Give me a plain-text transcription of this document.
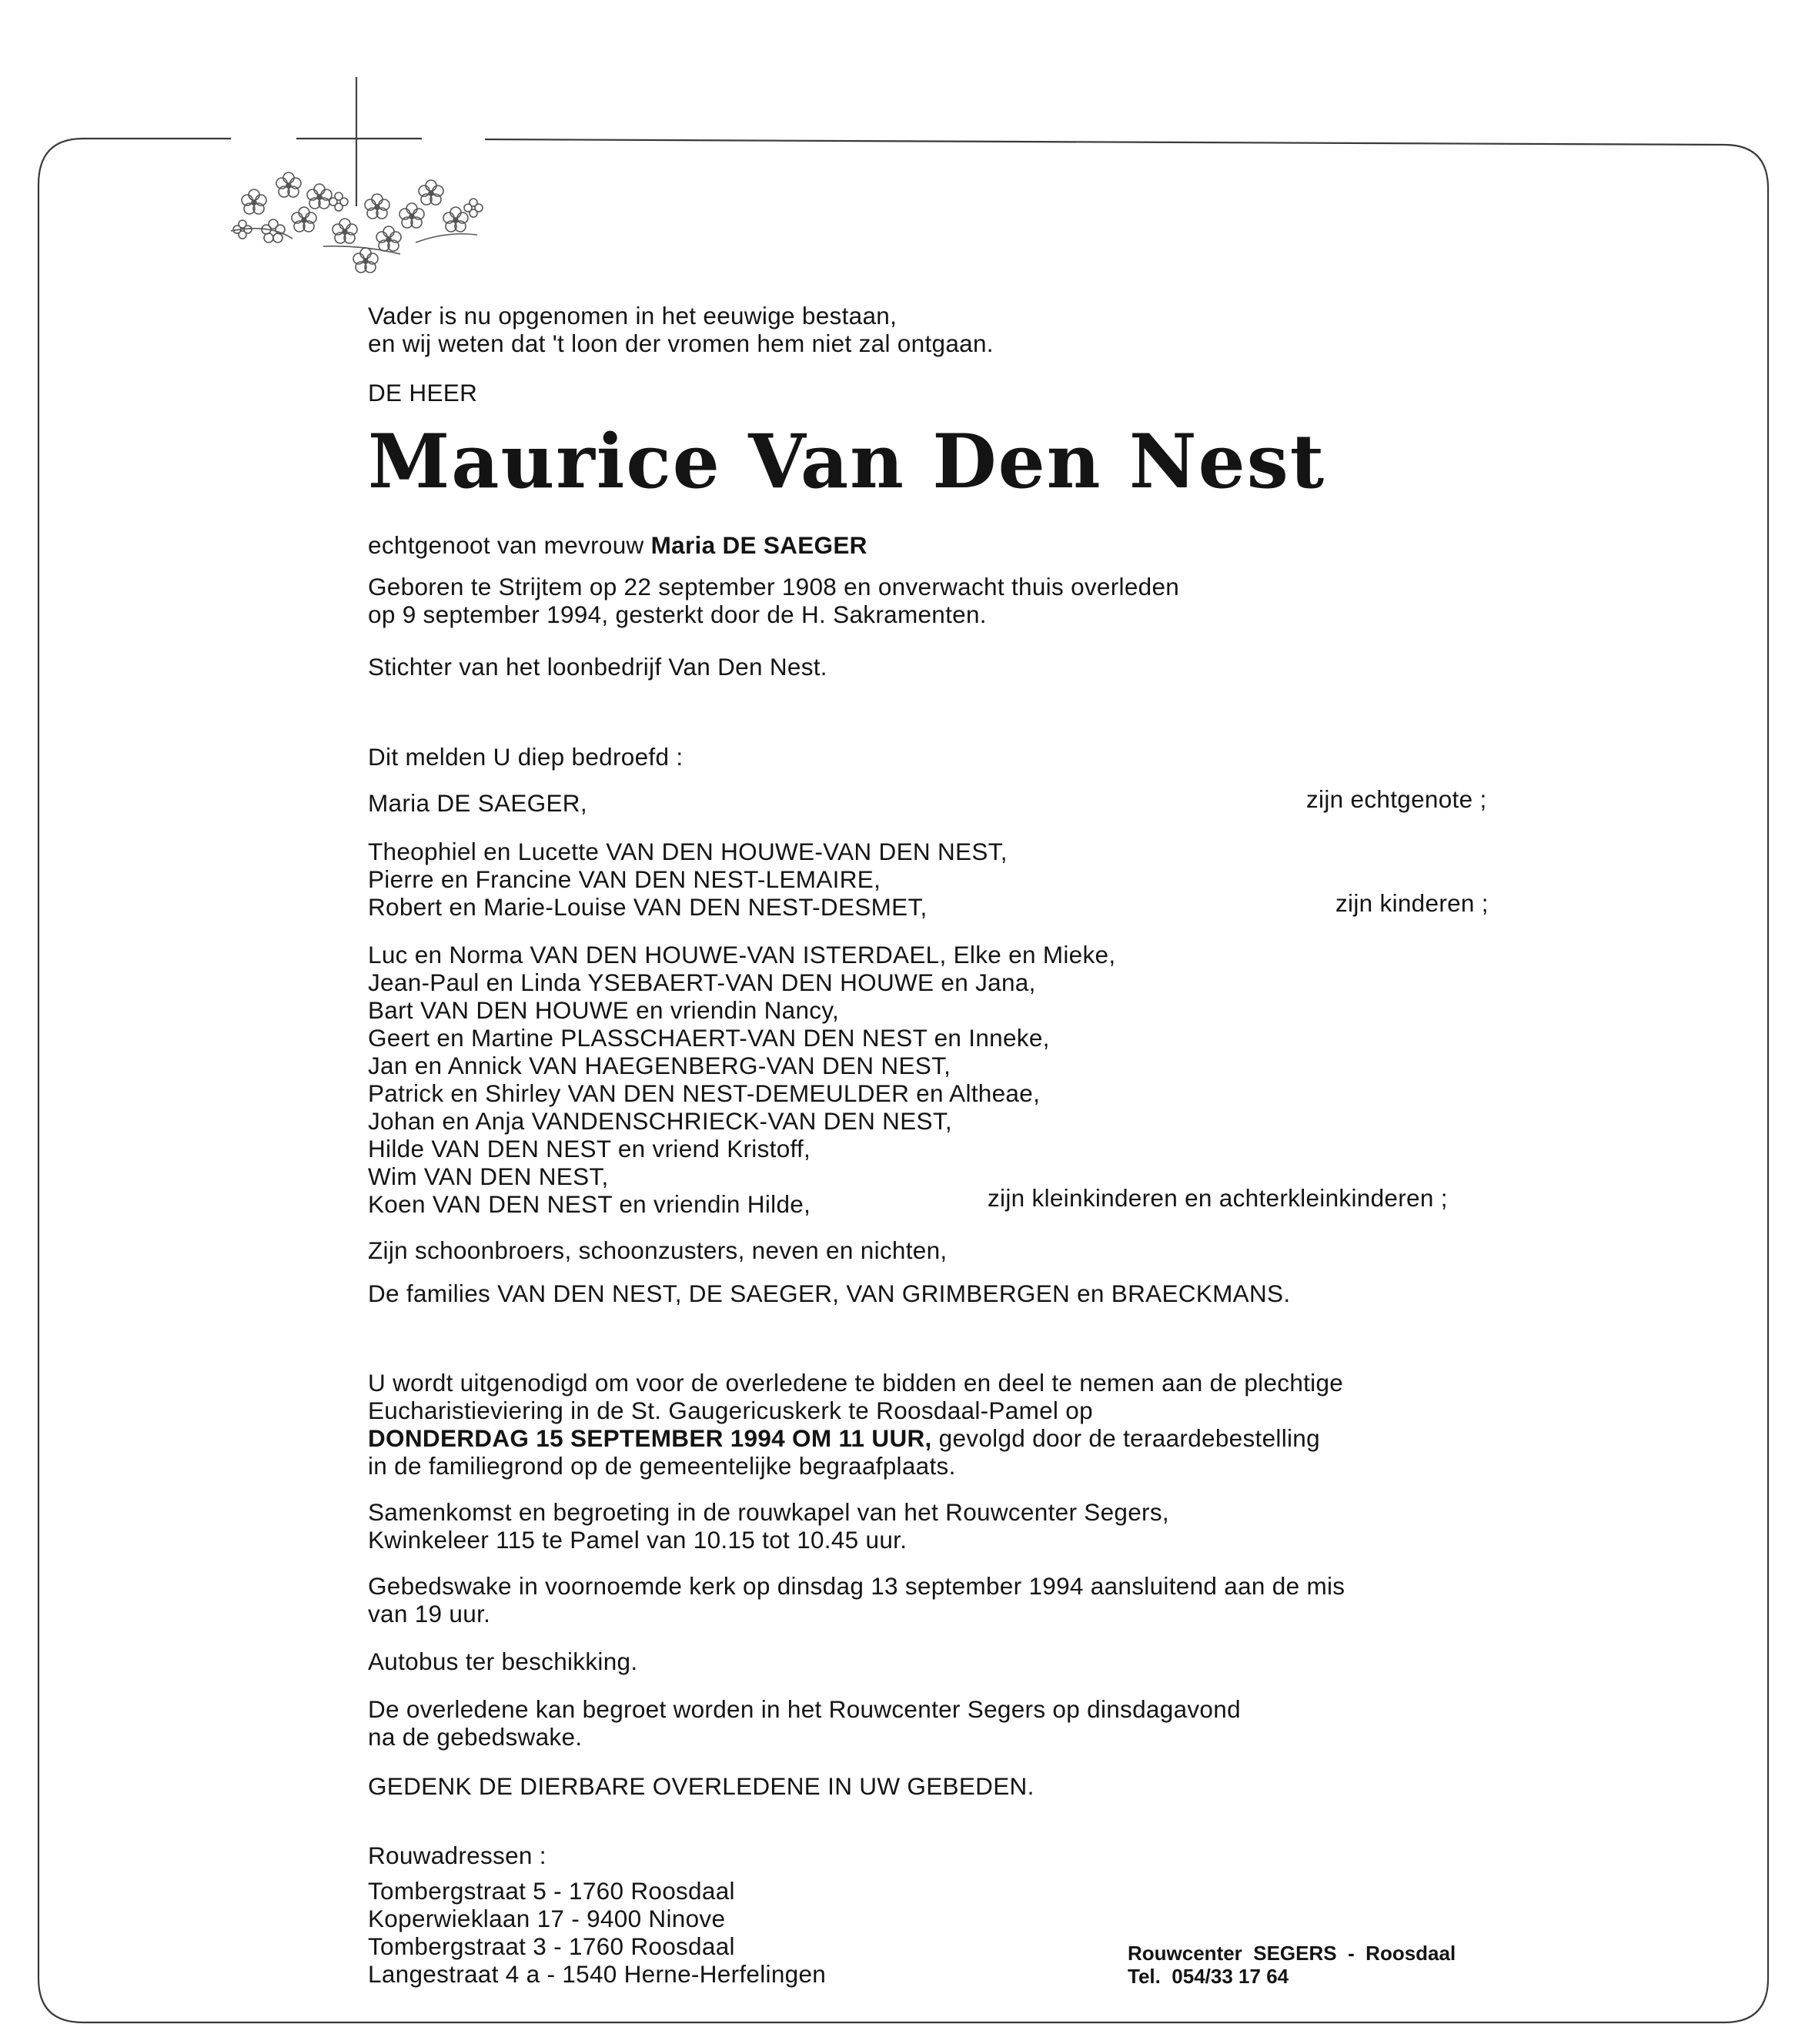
Vader is nu opgenomen in het eeuwige bestaan,
en wij weten dat 't loon der vromen hem niet zal ontgaan.
DE HEER
Maurice Van Den Nest
echtgenoot van mevrouw Maria DE SAEGER
Geboren te Strijtem op 22 september 1908 en onverwacht thuis overleden
op 9 september 1994, gesterkt door de H. Sakramenten.
Stichter van het loonbedrijf Van Den Nest.
Dit melden U diep bedroefd :
Maria DE SAEGER,	zijn echtgenote ;
Theophiel en Lucette VAN DEN HOUWE-VAN DEN NEST,
Pierre en Francine VAN DEN NEST-LEMAIRE,
Robert en Marie-Louise VAN DEN NEST-DESMET,	zijn kinderen ;
Luc en Norma VAN DEN HOUWE-VAN ISTERDAEL, Elke en Mieke,
Jean-Paul en Linda YSEBAERT-VAN DEN HOUWE en Jana,
Bart VAN DEN HOUWE en vriendin Nancy,
Geert en Martine PLASSCHAERT-VAN DEN NEST en Inneke,
Jan en Annick VAN HAEGENBERG-VAN DEN NEST,
Patrick en Shirley VAN DEN NEST-DEMEULDER en Altheae,
Johan en Anja VANDENSCHRIECK-VAN DEN NEST,
Hilde VAN DEN NEST en vriend Kristoff,
Wim VAN DEN NEST,
Koen VAN DEN NEST en vriendin Hilde,	zijn kleinkinderen en achterkleinkinderen ;
Zijn schoonbroers, schoonzusters, neven en nichten,
De families VAN DEN NEST, DE SAEGER, VAN GRIMBERGEN en BRAECKMANS.
U wordt uitgenodigd om voor de overledene te bidden en deel te nemen aan de plechtige
Eucharistieviering in de St. Gaugericuskerk te Roosdaal-Pamel op
DONDERDAG 15 SEPTEMBER 1994 OM 11 UUR, gevolgd door de teraardebestelling
in de familiegrond op de gemeentelijke begraafplaats.
Samenkomst en begroeting in de rouwkapel van het Rouwcenter Segers,
Kwinkeleer 115 te Pamel van 10.15 tot 10.45 uur.
Gebedswake in voornoemde kerk op dinsdag 13 september 1994 aansluitend aan de mis
van 19 uur.
Autobus ter beschikking.
De overledene kan begroet worden in het Rouwcenter Segers op dinsdagavond
na de gebedswake.
GEDENK DE DIERBARE OVERLEDENE IN UW GEBEDEN.
Rouwadressen :
Tombergstraat 5 - 1760 Roosdaal
Koperwieklaan 17 - 9400 Ninove
Tombergstraat 3 - 1760 Roosdaal
Langestraat 4 a - 1540 Herne-Herfelingen
Rouwcenter  SEGERS  -  Roosdaal
Tel.  054/33 17 64
